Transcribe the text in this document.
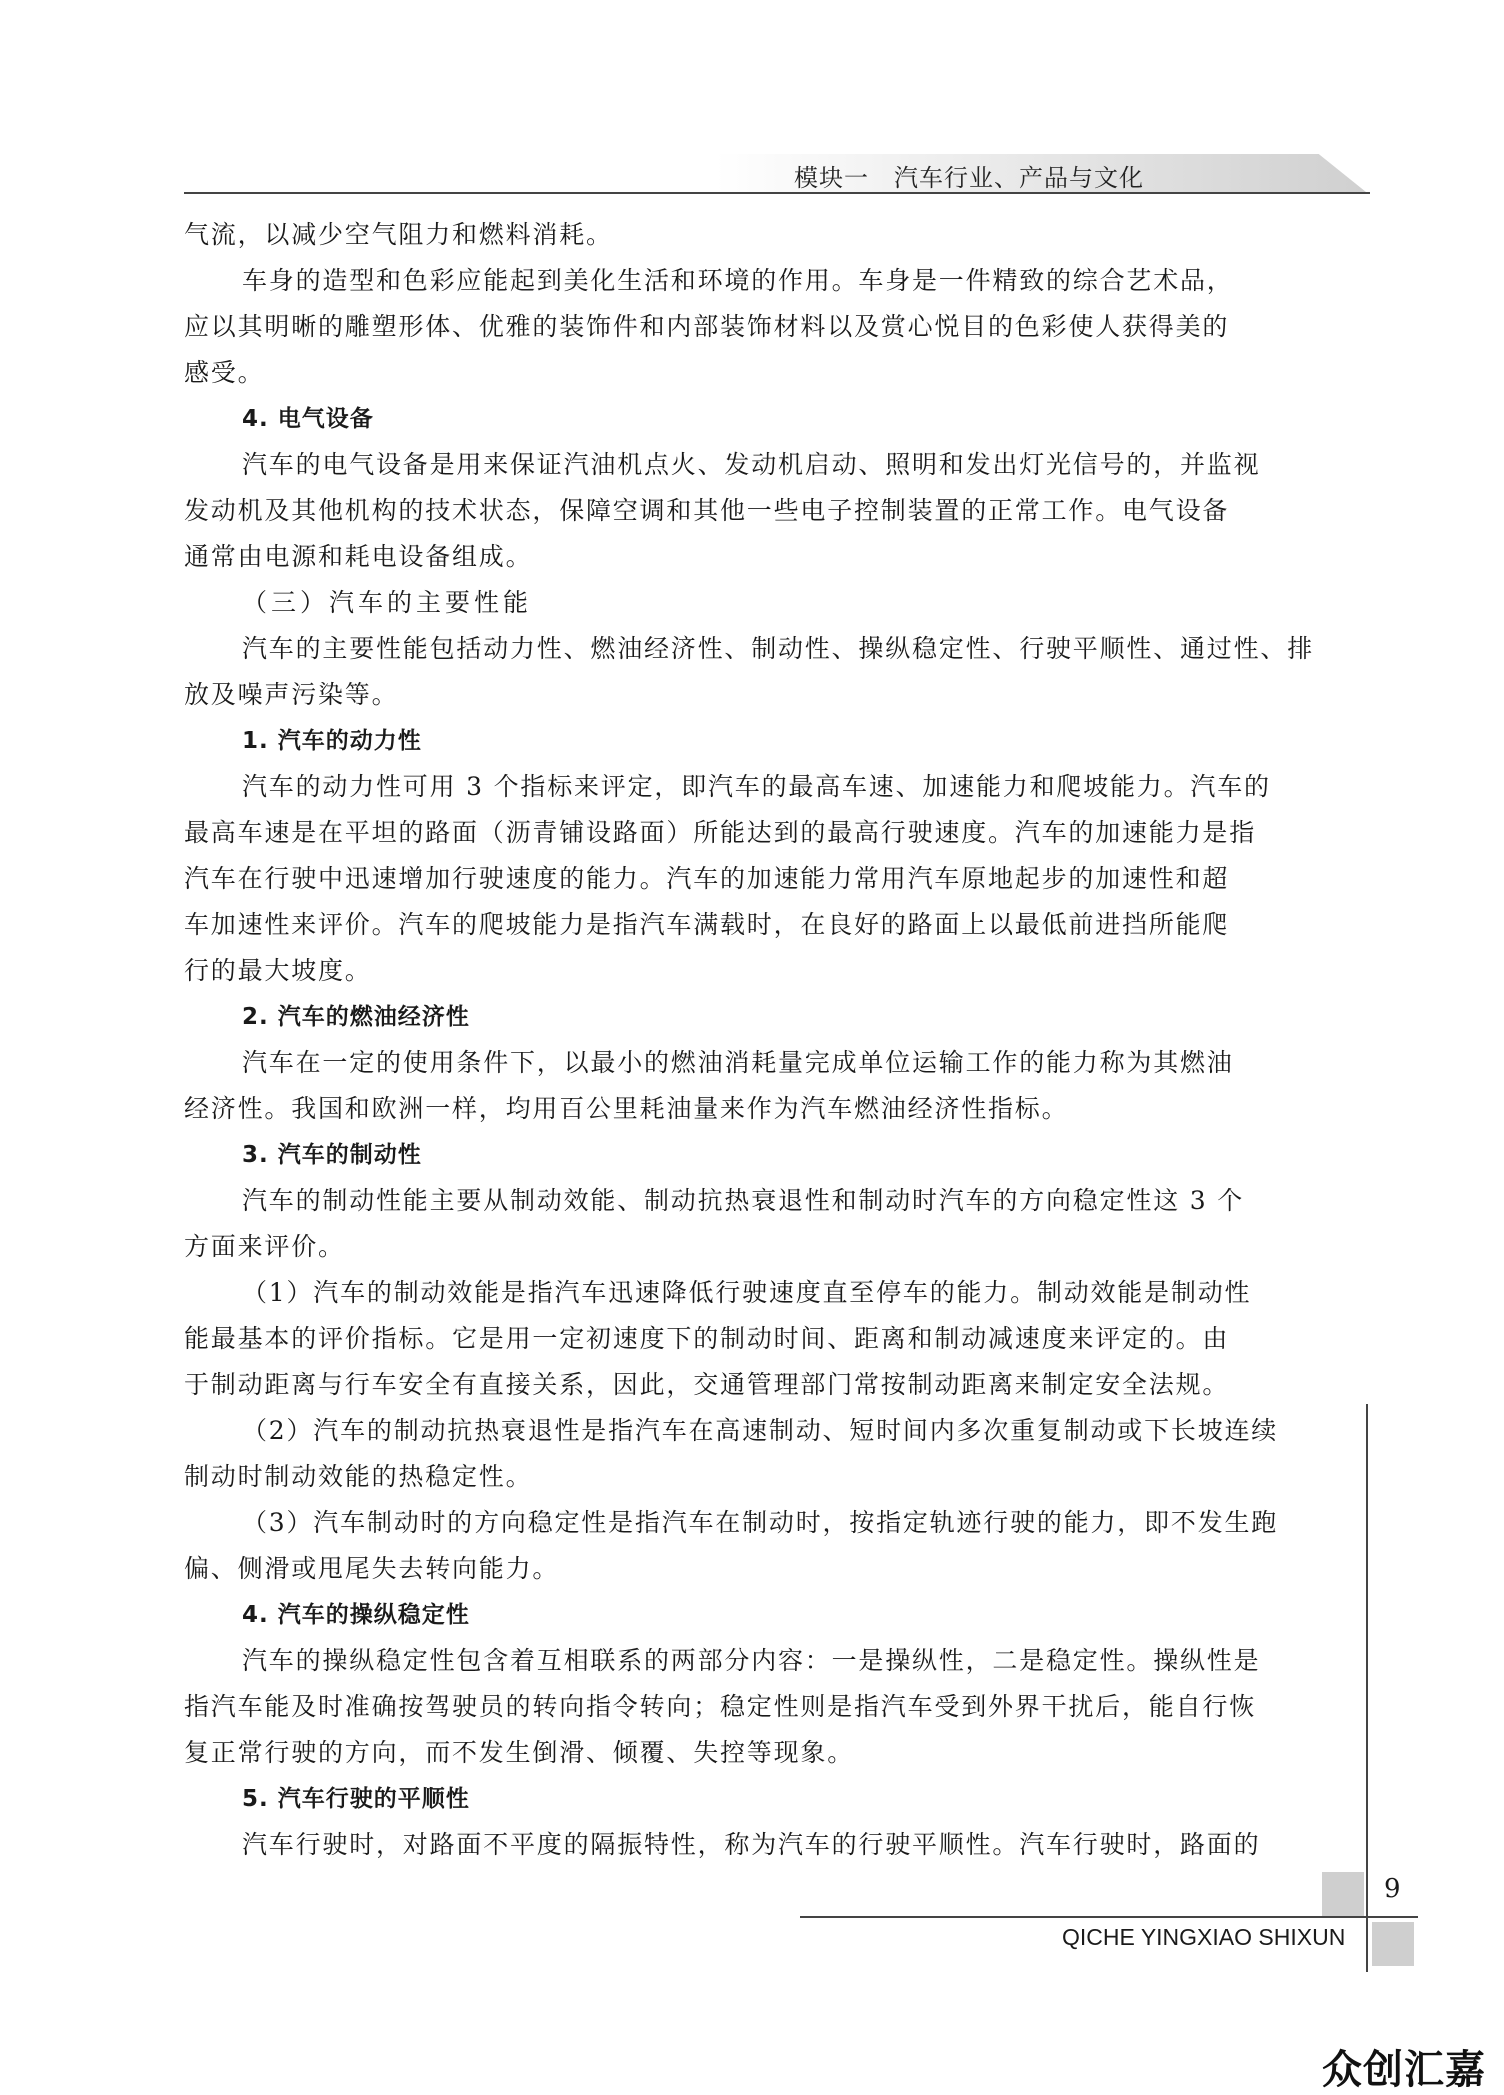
模块一　汽车行业、产品与文化
气流，以减少空气阻力和燃料消耗。
车身的造型和色彩应能起到美化生活和环境的作用。车身是一件精致的综合艺术品，
应以其明晰的雕塑形体、优雅的装饰件和内部装饰材料以及赏心悦目的色彩使人获得美的
感受。
4. 电气设备
汽车的电气设备是用来保证汽油机点火、发动机启动、照明和发出灯光信号的，并监视
发动机及其他机构的技术状态，保障空调和其他一些电子控制装置的正常工作。电气设备
通常由电源和耗电设备组成。
（三）汽车的主要性能
汽车的主要性能包括动力性、燃油经济性、制动性、操纵稳定性、行驶平顺性、通过性、排
放及噪声污染等。
1. 汽车的动力性
汽车的动力性可用 3 个指标来评定，即汽车的最高车速、加速能力和爬坡能力。汽车的
最高车速是在平坦的路面（沥青铺设路面）所能达到的最高行驶速度。汽车的加速能力是指
汽车在行驶中迅速增加行驶速度的能力。汽车的加速能力常用汽车原地起步的加速性和超
车加速性来评价。汽车的爬坡能力是指汽车满载时，在良好的路面上以最低前进挡所能爬
行的最大坡度。
2. 汽车的燃油经济性
汽车在一定的使用条件下，以最小的燃油消耗量完成单位运输工作的能力称为其燃油
经济性。我国和欧洲一样，均用百公里耗油量来作为汽车燃油经济性指标。
3. 汽车的制动性
汽车的制动性能主要从制动效能、制动抗热衰退性和制动时汽车的方向稳定性这 3 个
方面来评价。
（1）汽车的制动效能是指汽车迅速降低行驶速度直至停车的能力。制动效能是制动性
能最基本的评价指标。它是用一定初速度下的制动时间、距离和制动减速度来评定的。由
于制动距离与行车安全有直接关系，因此，交通管理部门常按制动距离来制定安全法规。
（2）汽车的制动抗热衰退性是指汽车在高速制动、短时间内多次重复制动或下长坡连续
制动时制动效能的热稳定性。
（3）汽车制动时的方向稳定性是指汽车在制动时，按指定轨迹行驶的能力，即不发生跑
偏、侧滑或甩尾失去转向能力。
4. 汽车的操纵稳定性
汽车的操纵稳定性包含着互相联系的两部分内容：一是操纵性，二是稳定性。操纵性是
指汽车能及时准确按驾驶员的转向指令转向；稳定性则是指汽车受到外界干扰后，能自行恢
复正常行驶的方向，而不发生倒滑、倾覆、失控等现象。
5. 汽车行驶的平顺性
汽车行驶时，对路面不平度的隔振特性，称为汽车的行驶平顺性。汽车行驶时，路面的
9
QICHE YINGXIAO SHIXUN
众创汇嘉
